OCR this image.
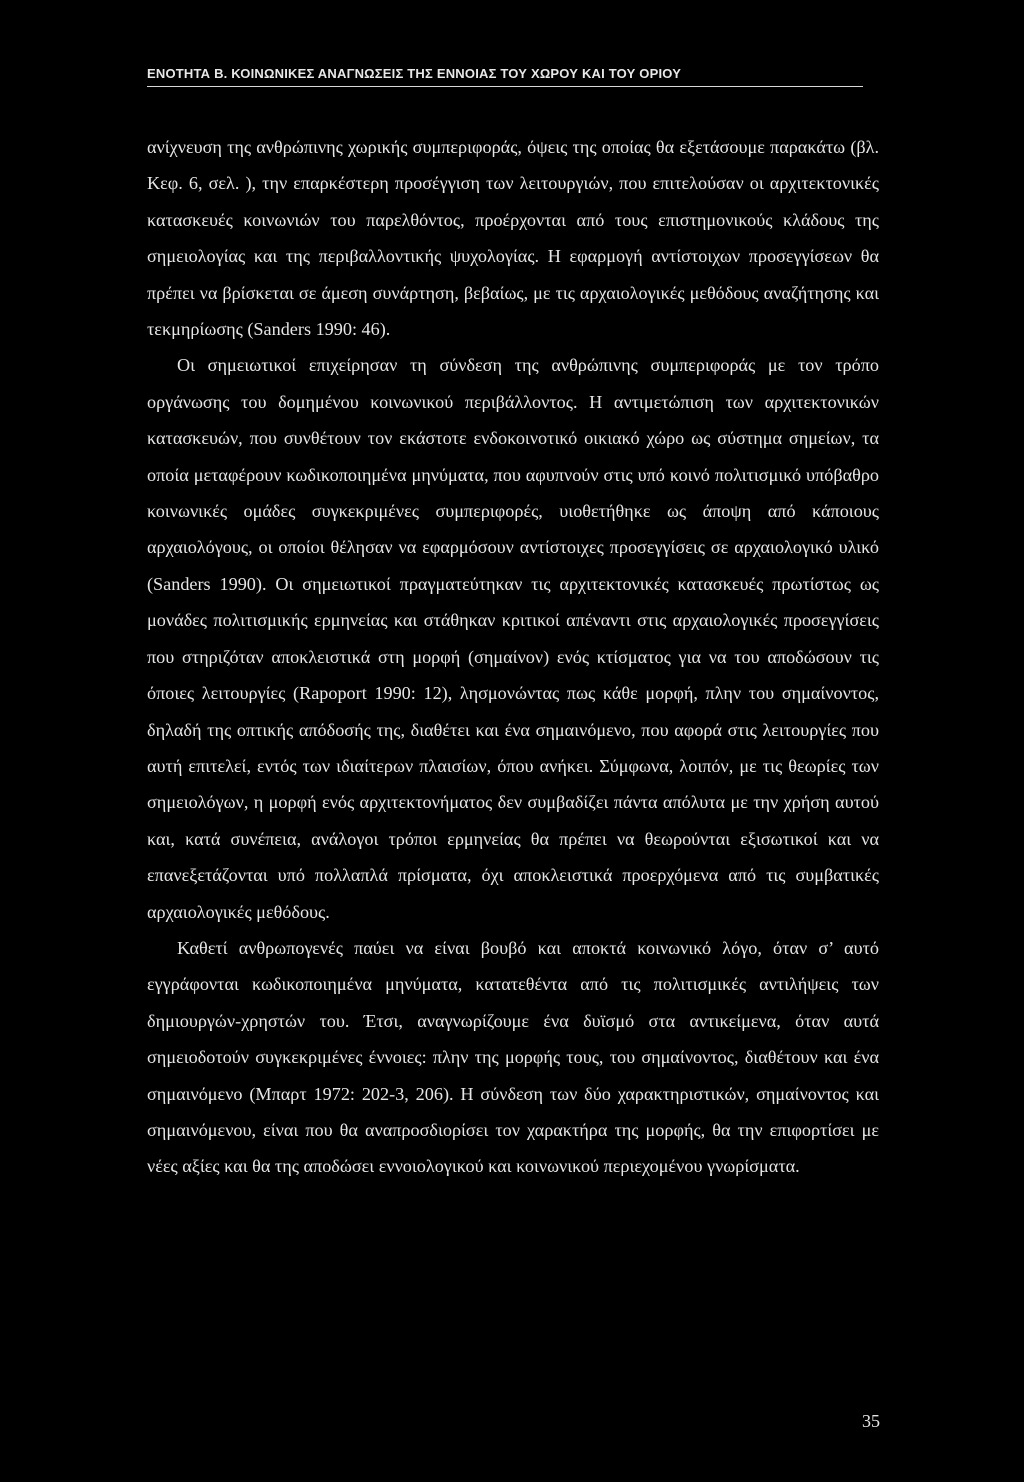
ΕΝΟΤΗΤΑ Β. ΚΟΙΝΩΝΙΚΕΣ ΑΝΑΓΝΩΣΕΙΣ ΤΗΣ ΕΝΝΟΙΑΣ ΤΟΥ ΧΩΡΟΥ ΚΑΙ ΤΟΥ ΟΡΙΟΥ

ανίχνευση της ανθρώπινης χωρικής συμπεριφοράς, όψεις της οποίας θα εξετάσουμε παρακάτω (βλ. Κεφ. 6, σελ. ), την επαρκέστερη προσέγγιση των λειτουργιών, που επιτελούσαν οι αρχιτεκτονικές κατασκευές κοινωνιών του παρελθόντος, προέρχονται από τους επιστημονικούς κλάδους της σημειολογίας και της περιβαλλοντικής ψυχολογίας. Η εφαρμογή αντίστοιχων προσεγγίσεων θα πρέπει να βρίσκεται σε άμεση συνάρτηση, βεβαίως, με τις αρχαιολογικές μεθόδους αναζήτησης και τεκμηρίωσης (Sanders 1990: 46).

Οι σημειωτικοί επιχείρησαν τη σύνδεση της ανθρώπινης συμπεριφοράς με τον τρόπο οργάνωσης του δομημένου κοινωνικού περιβάλλοντος. Η αντιμετώπιση των αρχιτεκτονικών κατασκευών, που συνθέτουν τον εκάστοτε ενδοκοινοτικό οικιακό χώρο ως σύστημα σημείων, τα οποία μεταφέρουν κωδικοποιημένα μηνύματα, που αφυπνούν στις υπό κοινό πολιτισμικό υπόβαθρο κοινωνικές ομάδες συγκεκριμένες συμπεριφορές, υιοθετήθηκε ως άποψη από κάποιους αρχαιολόγους, οι οποίοι θέλησαν να εφαρμόσουν αντίστοιχες προσεγγίσεις σε αρχαιολογικό υλικό (Sanders 1990). Οι σημειωτικοί πραγματεύτηκαν τις αρχιτεκτονικές κατασκευές πρωτίστως ως μονάδες πολιτισμικής ερμηνείας και στάθηκαν κριτικοί απέναντι στις αρχαιολογικές προσεγγίσεις που στηριζόταν αποκλειστικά στη μορφή (σημαίνον) ενός κτίσματος για να του αποδώσουν τις όποιες λειτουργίες (Rapoport 1990: 12), λησμονώντας πως κάθε μορφή, πλην του σημαίνοντος, δηλαδή της οπτικής απόδοσής της, διαθέτει και ένα σημαινόμενο, που αφορά στις λειτουργίες που αυτή επιτελεί, εντός των ιδιαίτερων πλαισίων, όπου ανήκει. Σύμφωνα, λοιπόν, με τις θεωρίες των σημειολόγων, η μορφή ενός αρχιτεκτονήματος δεν συμβαδίζει πάντα απόλυτα με την χρήση αυτού και, κατά συνέπεια, ανάλογοι τρόποι ερμηνείας θα πρέπει να θεωρούνται εξισωτικοί και να επανεξετάζονται υπό πολλαπλά πρίσματα, όχι αποκλειστικά προερχόμενα από τις συμβατικές αρχαιολογικές μεθόδους.

Καθετί ανθρωπογενές παύει να είναι βουβό και αποκτά κοινωνικό λόγο, όταν σ’ αυτό εγγράφονται κωδικοποιημένα μηνύματα, κατατεθέντα από τις πολιτισμικές αντιλήψεις των δημιουργών-χρηστών του. Έτσι, αναγνωρίζουμε ένα δυϊσμό στα αντικείμενα, όταν αυτά σημειοδοτούν συγκεκριμένες έννοιες: πλην της μορφής τους, του σημαίνοντος, διαθέτουν και ένα σημαινόμενο (Μπαρτ 1972: 202-3, 206). Η σύνδεση των δύο χαρακτηριστικών, σημαίνοντος και σημαινόμενου, είναι που θα αναπροσδιορίσει τον χαρακτήρα της μορφής, θα την επιφορτίσει με νέες αξίες και θα της αποδώσει εννοιολογικού και κοινωνικού περιεχομένου γνωρίσματα.

35
